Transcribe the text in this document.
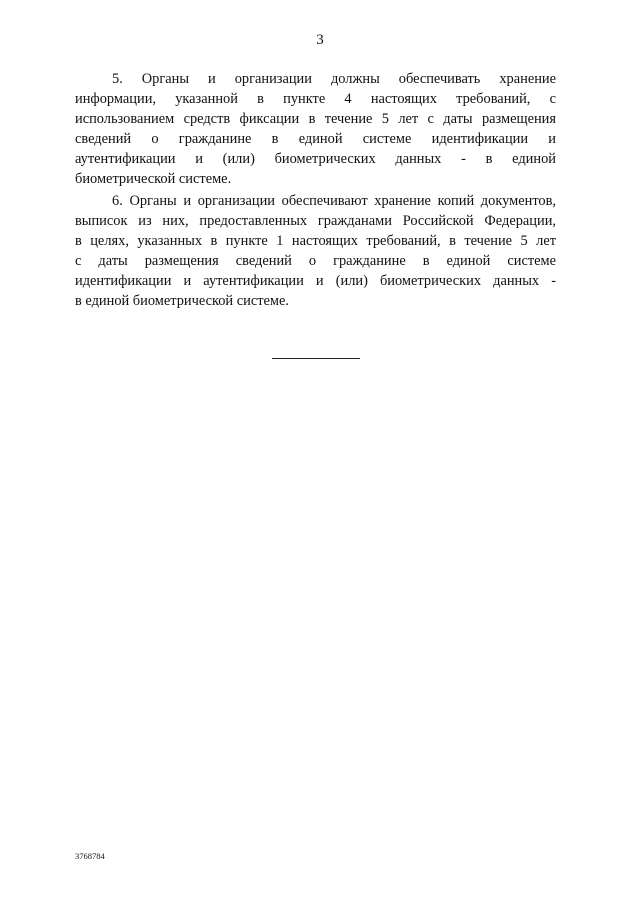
3
5. Органы и организации должны обеспечивать хранение
информации, указанной в пункте 4 настоящих требований, с
использованием средств фиксации в течение 5 лет с даты размещения
сведений о гражданине в единой системе идентификации и
аутентификации и (или) биометрических данных - в единой
биометрической системе.
6. Органы и организации обеспечивают хранение копий документов,
выписок из них, предоставленных гражданами Российской Федерации,
в целях, указанных в пункте 1 настоящих требований, в течение 5 лет
с даты размещения сведений о гражданине в единой системе
идентификации и аутентификации и (или) биометрических данных -
в единой биометрической системе.
3768784
